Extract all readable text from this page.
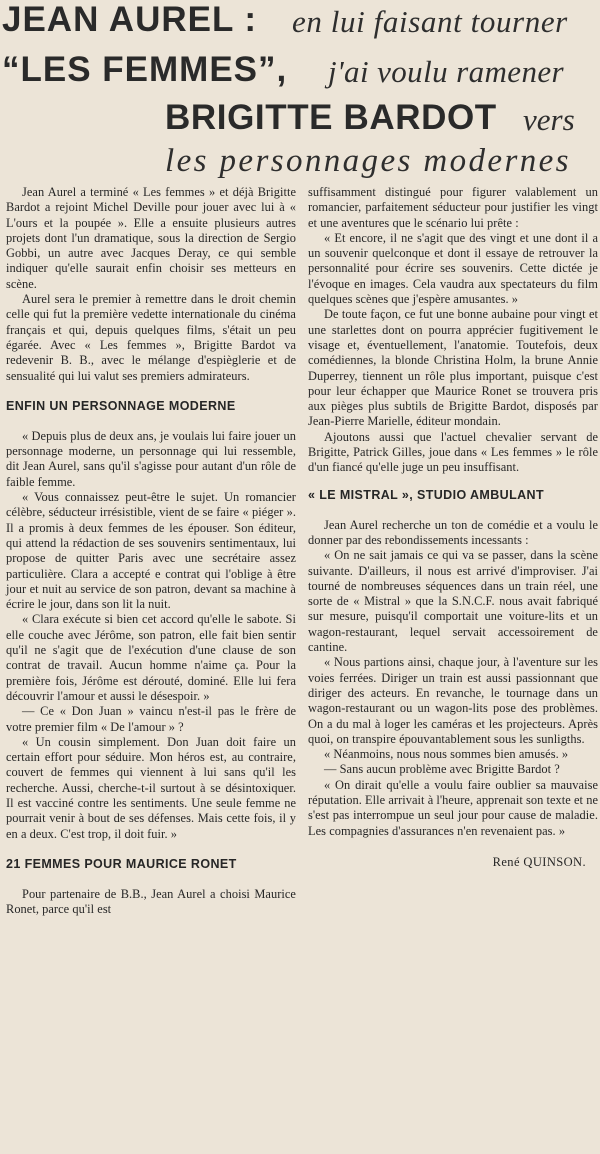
JEAN AUREL : en lui faisant tourner
“LES FEMMES”, j'ai voulu ramener
BRIGITTE BARDOT vers
les personnages modernes

Jean Aurel a terminé « Les femmes » et déjà Brigitte Bardot a rejoint Michel Deville pour jouer avec lui à « L'ours et la poupée ». Elle a ensuite plusieurs autres projets dont l'un dramatique, sous la direction de Sergio Gobbi, un autre avec Jacques Deray, ce qui semble indiquer qu'elle saurait enfin choisir ses metteurs en scène.

Aurel sera le premier à remettre dans le droit chemin celle qui fut la première vedette internationale du cinéma français et qui, depuis quelques films, s'était un peu égarée. Avec « Les femmes », Brigitte Bardot va redevenir B. B., avec le mélange d'espièglerie et de sensualité qui lui valut ses premiers admirateurs.

ENFIN UN PERSONNAGE MODERNE

« Depuis plus de deux ans, je voulais lui faire jouer un personnage moderne, un personnage qui lui ressemble, dit Jean Aurel, sans qu'il s'agisse pour autant d'un rôle de faible femme.

« Vous connaissez peut-être le sujet. Un romancier célèbre, séducteur irrésistible, vient de se faire « piéger ». Il a promis à deux femmes de les épouser. Son éditeur, qui attend la rédaction de ses souvenirs sentimentaux, lui propose de quitter Paris avec une secrétaire assez particulière. Clara a accepté e contrat qui l'oblige à être jour et nuit au service de son patron, devant sa machine à écrire le jour, dans son lit la nuit.

« Clara exécute si bien cet accord qu'elle le sabote. Si elle couche avec Jérôme, son patron, elle fait bien sentir qu'il ne s'agit que de l'exécution d'une clause de son contrat de travail. Aucun homme n'aime ça. Pour la première fois, Jérôme est dérouté, dominé. Elle lui fera découvrir l'amour et aussi le désespoir. »

— Ce « Don Juan » vaincu n'est-il pas le frère de votre premier film « De l'amour » ?

« Un cousin simplement. Don Juan doit faire un certain effort pour séduire. Mon héros est, au contraire, couvert de femmes qui viennent à lui sans qu'il les recherche. Aussi, cherche-t-il surtout à se désintoxiquer. Il est vacciné contre les sentiments. Une seule femme ne pourrait venir à bout de ses défenses. Mais cette fois, il y en a deux. C'est trop, il doit fuir. »

21 FEMMES POUR MAURICE RONET

Pour partenaire de B.B., Jean Aurel a choisi Maurice Ronet, parce qu'il est

suffisamment distingué pour figurer valablement un romancier, parfaitement séducteur pour justifier les vingt et une aventures que le scénario lui prête :

« Et encore, il ne s'agit que des vingt et une dont il a un souvenir quelconque et dont il essaye de retrouver la personnalité pour écrire ses souvenirs. Cette dictée je l'évoque en images. Cela vaudra aux spectateurs du film quelques scènes que j'espère amusantes. »

De toute façon, ce fut une bonne aubaine pour vingt et une starlettes dont on pourra apprécier fugitivement le visage et, éventuellement, l'anatomie. Toutefois, deux comédiennes, la blonde Christina Holm, la brune Annie Duperrey, tiennent un rôle plus important, puisque c'est pour leur échapper que Maurice Ronet se trouvera pris aux pièges plus subtils de Brigitte Bardot, disposés par Jean-Pierre Marielle, éditeur mondain.

Ajoutons aussi que l'actuel chevalier servant de Brigitte, Patrick Gilles, joue dans « Les femmes » le rôle d'un fiancé qu'elle juge un peu insuffisant.

« LE MISTRAL », STUDIO AMBULANT

Jean Aurel recherche un ton de comédie et a voulu le donner par des rebondissements incessants :

« On ne sait jamais ce qui va se passer, dans la scène suivante. D'ailleurs, il nous est arrivé d'improviser. J'ai tourné de nombreuses séquences dans un train réel, une sorte de « Mistral » que la S.N.C.F. nous avait fabriqué sur mesure, puisqu'il comportait une voiture-lits et un wagon-restaurant, lequel servait accessoirement de cantine.

« Nous partions ainsi, chaque jour, à l'aventure sur les voies ferrées. Diriger un train est aussi passionnant que diriger des acteurs. En revanche, le tournage dans un wagon-restaurant ou un wagon-lits pose des problèmes. On a du mal à loger les caméras et les projecteurs. Après quoi, on transpire épouvantablement sous les sunligths.

« Néanmoins, nous nous sommes bien amusés. »

— Sans aucun problème avec Brigitte Bardot ?

« On dirait qu'elle a voulu faire oublier sa mauvaise réputation. Elle arrivait à l'heure, apprenait son texte et ne s'est pas interrompue un seul jour pour cause de maladie. Les compagnies d'assurances n'en revenaient pas. »

René QUINSON.
